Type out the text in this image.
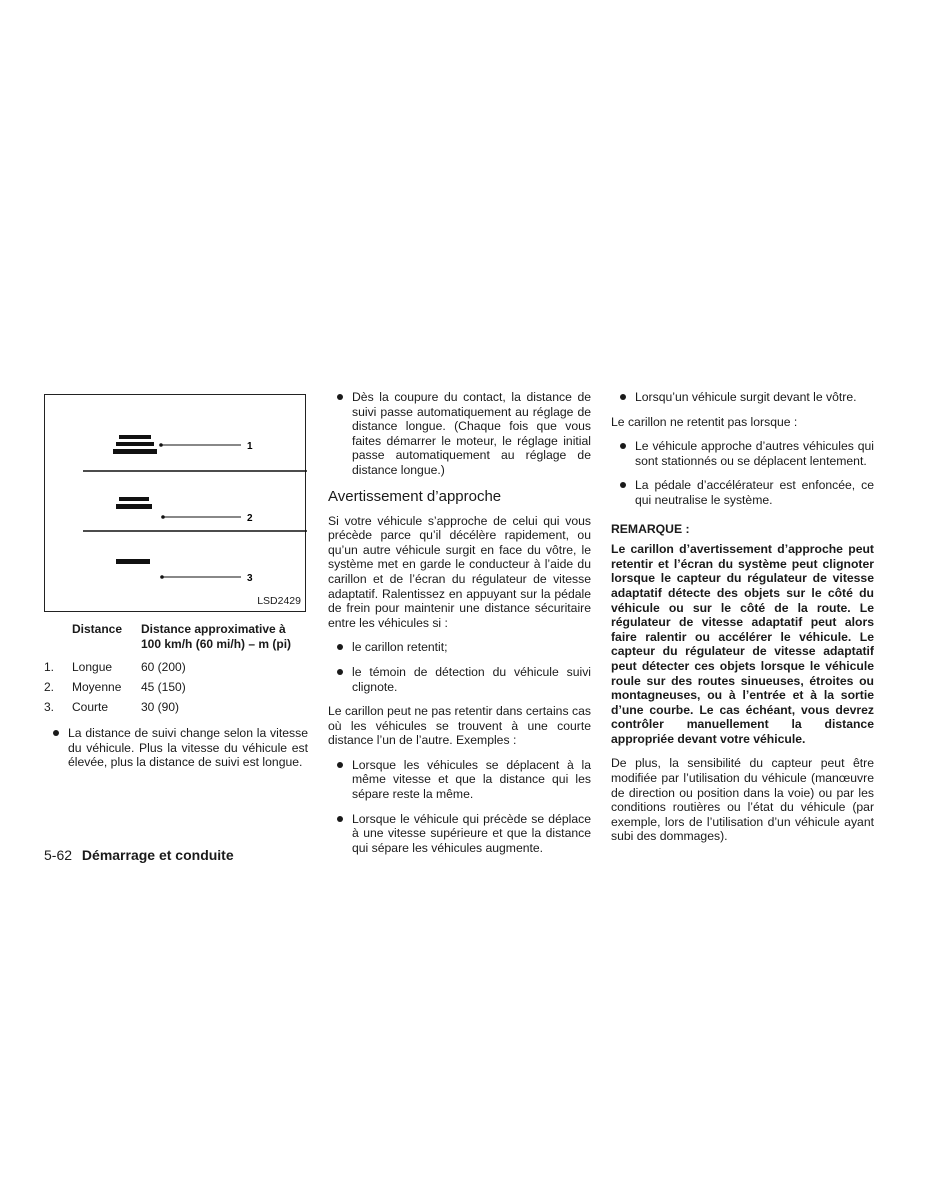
1
2
3
LSD2429
	Distance	Distance approximative à 100 km/h (60 mi/h) – m (pi)
1.	Longue	60 (200)
2.	Moyenne	45 (150)
3.	Courte	30 (90)

La distance de suivi change selon la vitesse du véhicule. Plus la vitesse du véhicule est élevée, plus la distance de suivi est longue.

Dès la coupure du contact, la distance de suivi passe automatiquement au réglage de distance longue. (Chaque fois que vous faites démarrer le moteur, le réglage initial passe automatiquement au réglage de distance longue.)

Avertissement d’approche

Si votre véhicule s’approche de celui qui vous précède parce qu’il décélère rapidement, ou qu’un autre véhicule surgit en face du vôtre, le système met en garde le conducteur à l’aide du carillon et de l’écran du régulateur de vitesse adaptatif. Ralentissez en appuyant sur la pédale de frein pour maintenir une distance sécuritaire entre les véhicules si :

le carillon retentit;

le témoin de détection du véhicule suivi clignote.

Le carillon peut ne pas retentir dans certains cas où les véhicules se trouvent à une courte distance l’un de l’autre. Exemples :

Lorsque les véhicules se déplacent à la même vitesse et que la distance qui les sépare reste la même.

Lorsque le véhicule qui précède se déplace à une vitesse supérieure et que la distance qui sépare les véhicules augmente.

Lorsqu’un véhicule surgit devant le vôtre.

Le carillon ne retentit pas lorsque :

Le véhicule approche d’autres véhicules qui sont stationnés ou se déplacent lentement.

La pédale d’accélérateur est enfoncée, ce qui neutralise le système.

REMARQUE :

Le carillon d’avertissement d’approche peut retentir et l’écran du système peut clignoter lorsque le capteur du régulateur de vitesse adaptatif détecte des objets sur le côté du véhicule ou sur le côté de la route. Le régulateur de vitesse adaptatif peut alors faire ralentir ou accélérer le véhicule. Le capteur du régulateur de vitesse adaptatif peut détecter ces objets lorsque le véhicule roule sur des routes sinueuses, étroites ou montagneuses, ou à l’entrée et à la sortie d’une courbe. Le cas échéant, vous devrez contrôler manuellement la distance appropriée devant votre véhicule.

De plus, la sensibilité du capteur peut être modifiée par l’utilisation du véhicule (manœuvre de direction ou position dans la voie) ou par les conditions routières ou l’état du véhicule (par exemple, lors de l’utilisation d’un véhicule ayant subi des dommages).

5-62 Démarrage et conduite
